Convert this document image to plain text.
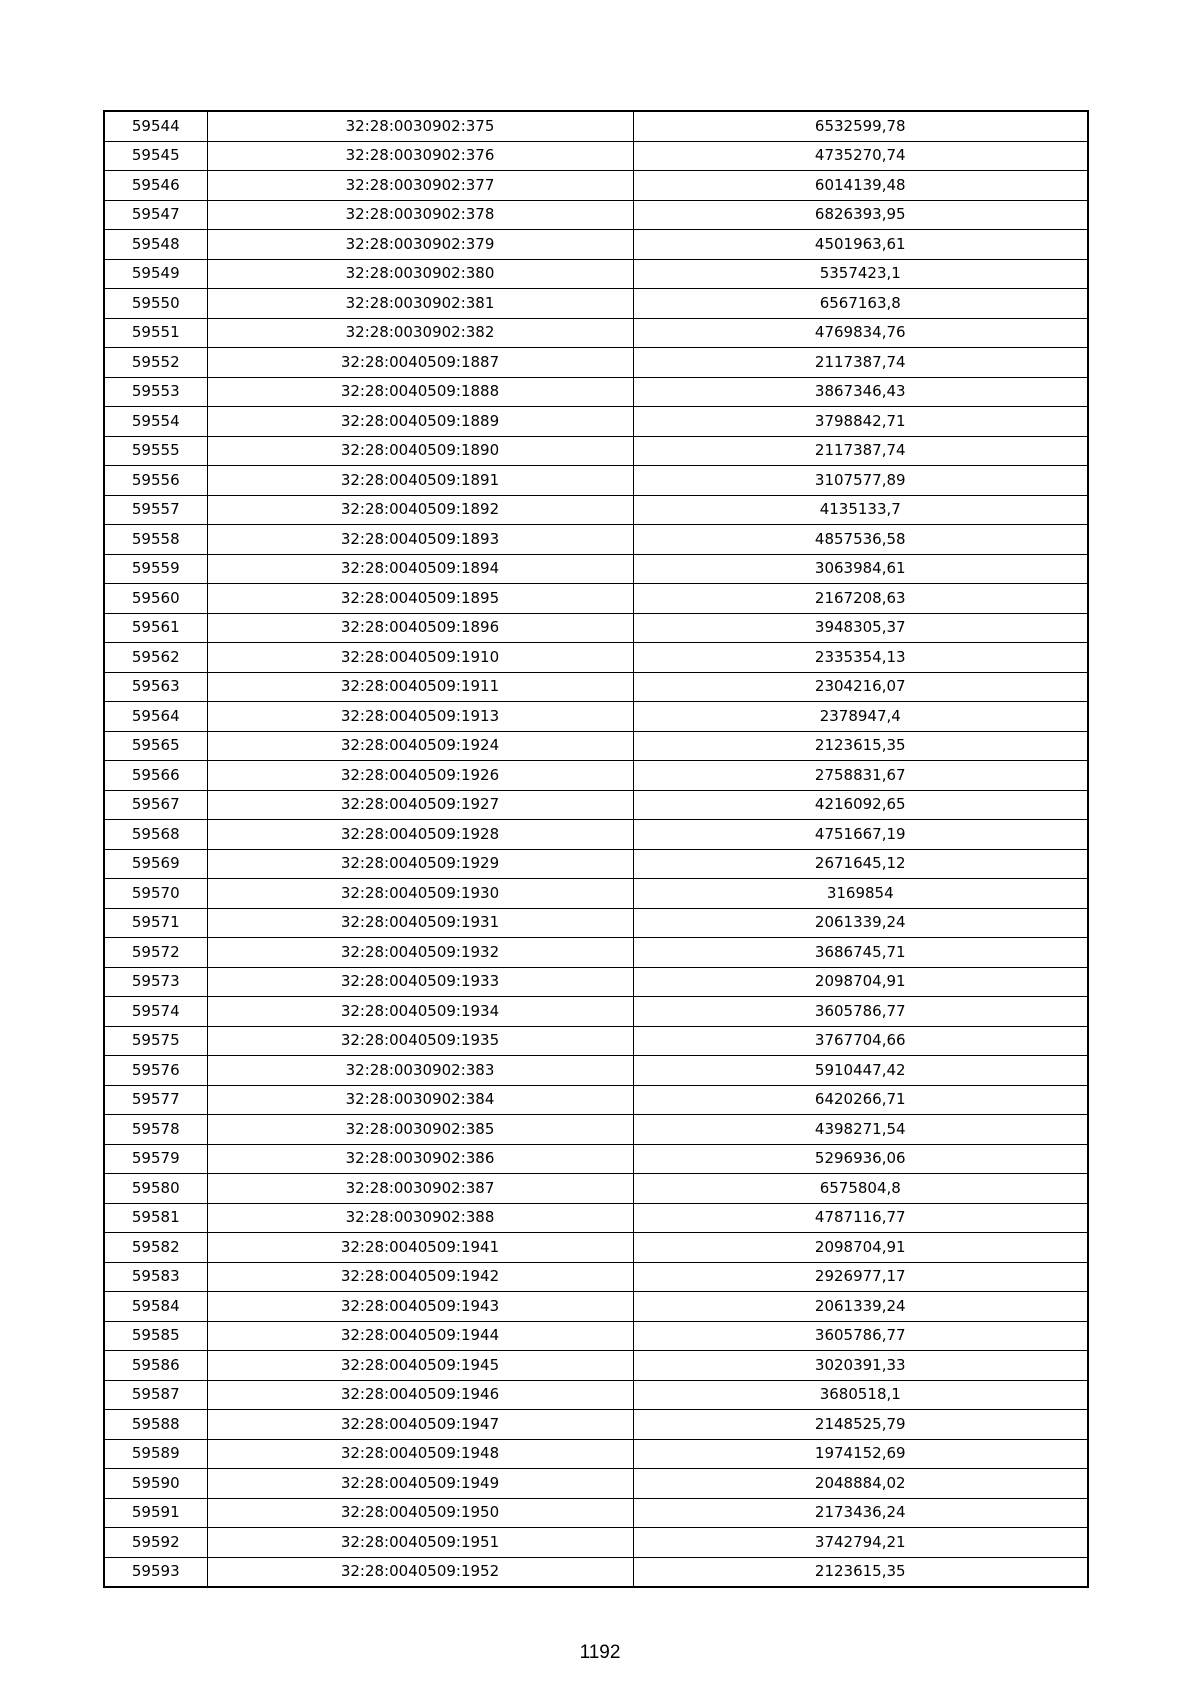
59544	32:28:0030902:375	6532599,78
59545	32:28:0030902:376	4735270,74
59546	32:28:0030902:377	6014139,48
59547	32:28:0030902:378	6826393,95
59548	32:28:0030902:379	4501963,61
59549	32:28:0030902:380	5357423,1
59550	32:28:0030902:381	6567163,8
59551	32:28:0030902:382	4769834,76
59552	32:28:0040509:1887	2117387,74
59553	32:28:0040509:1888	3867346,43
59554	32:28:0040509:1889	3798842,71
59555	32:28:0040509:1890	2117387,74
59556	32:28:0040509:1891	3107577,89
59557	32:28:0040509:1892	4135133,7
59558	32:28:0040509:1893	4857536,58
59559	32:28:0040509:1894	3063984,61
59560	32:28:0040509:1895	2167208,63
59561	32:28:0040509:1896	3948305,37
59562	32:28:0040509:1910	2335354,13
59563	32:28:0040509:1911	2304216,07
59564	32:28:0040509:1913	2378947,4
59565	32:28:0040509:1924	2123615,35
59566	32:28:0040509:1926	2758831,67
59567	32:28:0040509:1927	4216092,65
59568	32:28:0040509:1928	4751667,19
59569	32:28:0040509:1929	2671645,12
59570	32:28:0040509:1930	3169854
59571	32:28:0040509:1931	2061339,24
59572	32:28:0040509:1932	3686745,71
59573	32:28:0040509:1933	2098704,91
59574	32:28:0040509:1934	3605786,77
59575	32:28:0040509:1935	3767704,66
59576	32:28:0030902:383	5910447,42
59577	32:28:0030902:384	6420266,71
59578	32:28:0030902:385	4398271,54
59579	32:28:0030902:386	5296936,06
59580	32:28:0030902:387	6575804,8
59581	32:28:0030902:388	4787116,77
59582	32:28:0040509:1941	2098704,91
59583	32:28:0040509:1942	2926977,17
59584	32:28:0040509:1943	2061339,24
59585	32:28:0040509:1944	3605786,77
59586	32:28:0040509:1945	3020391,33
59587	32:28:0040509:1946	3680518,1
59588	32:28:0040509:1947	2148525,79
59589	32:28:0040509:1948	1974152,69
59590	32:28:0040509:1949	2048884,02
59591	32:28:0040509:1950	2173436,24
59592	32:28:0040509:1951	3742794,21
59593	32:28:0040509:1952	2123615,35
1192
